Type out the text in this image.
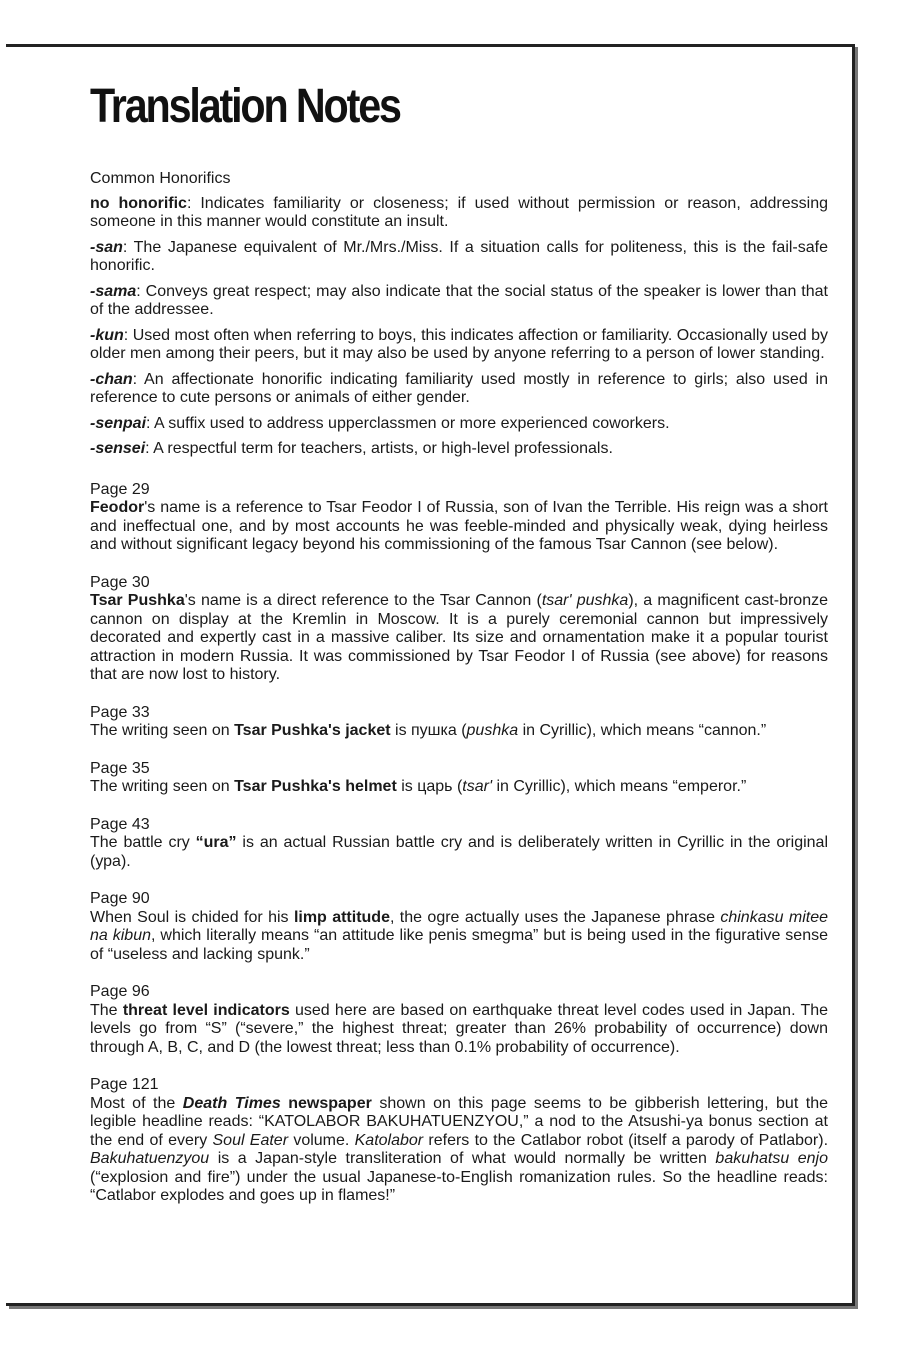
Translation Notes
Common Honorifics

no honorific: Indicates familiarity or closeness; if used without permission or reason, addressing someone in this manner would constitute an insult.

-san: The Japanese equivalent of Mr./Mrs./Miss. If a situation calls for politeness, this is the fail-safe honorific.

-sama: Conveys great respect; may also indicate that the social status of the speaker is lower than that of the addressee.

-kun: Used most often when referring to boys, this indicates affection or familiarity. Occasionally used by older men among their peers, but it may also be used by anyone referring to a person of lower standing.

-chan: An affectionate honorific indicating familiarity used mostly in reference to girls; also used in reference to cute persons or animals of either gender.

-senpai: A suffix used to address upperclassmen or more experienced coworkers.

-sensei: A respectful term for teachers, artists, or high-level professionals.

Page 29

Feodor's name is a reference to Tsar Feodor I of Russia, son of Ivan the Terrible. His reign was a short and ineffectual one, and by most accounts he was feeble-minded and physically weak, dying heirless and without significant legacy beyond his commissioning of the famous Tsar Cannon (see below).

Page 30

Tsar Pushka's name is a direct reference to the Tsar Cannon (tsar' pushka), a magnificent cast-bronze cannon on display at the Kremlin in Moscow. It is a purely ceremonial cannon but impressively decorated and expertly cast in a massive caliber. Its size and ornamentation make it a popular tourist attraction in modern Russia. It was commissioned by Tsar Feodor I of Russia (see above) for reasons that are now lost to history.

Page 33

The writing seen on Tsar Pushka's jacket is пушка (pushka in Cyrillic), which means “cannon.”

Page 35

The writing seen on Tsar Pushka's helmet is царь (tsar' in Cyrillic), which means “emperor.”

Page 43

The battle cry “ura” is an actual Russian battle cry and is deliberately written in Cyrillic in the original (ура).

Page 90

When Soul is chided for his limp attitude, the ogre actually uses the Japanese phrase chinkasu mitee na kibun, which literally means “an attitude like penis smegma” but is being used in the figurative sense of “useless and lacking spunk.”

Page 96

The threat level indicators used here are based on earthquake threat level codes used in Japan. The levels go from “S” (“severe,” the highest threat; greater than 26% probability of occurrence) down through A, B, C, and D (the lowest threat; less than 0.1% probability of occurrence).

Page 121

Most of the Death Times newspaper shown on this page seems to be gibberish lettering, but the legible headline reads: “KATOLABOR BAKUHATUENZYOU,” a nod to the Atsushi-ya bonus section at the end of every Soul Eater volume. Katolabor refers to the Catlabor robot (itself a parody of Patlabor). Bakuhatuenzyou is a Japan-style transliteration of what would normally be written bakuhatsu enjo (“explosion and fire”) under the usual Japanese-to-English romanization rules. So the headline reads: “Catlabor explodes and goes up in flames!”
